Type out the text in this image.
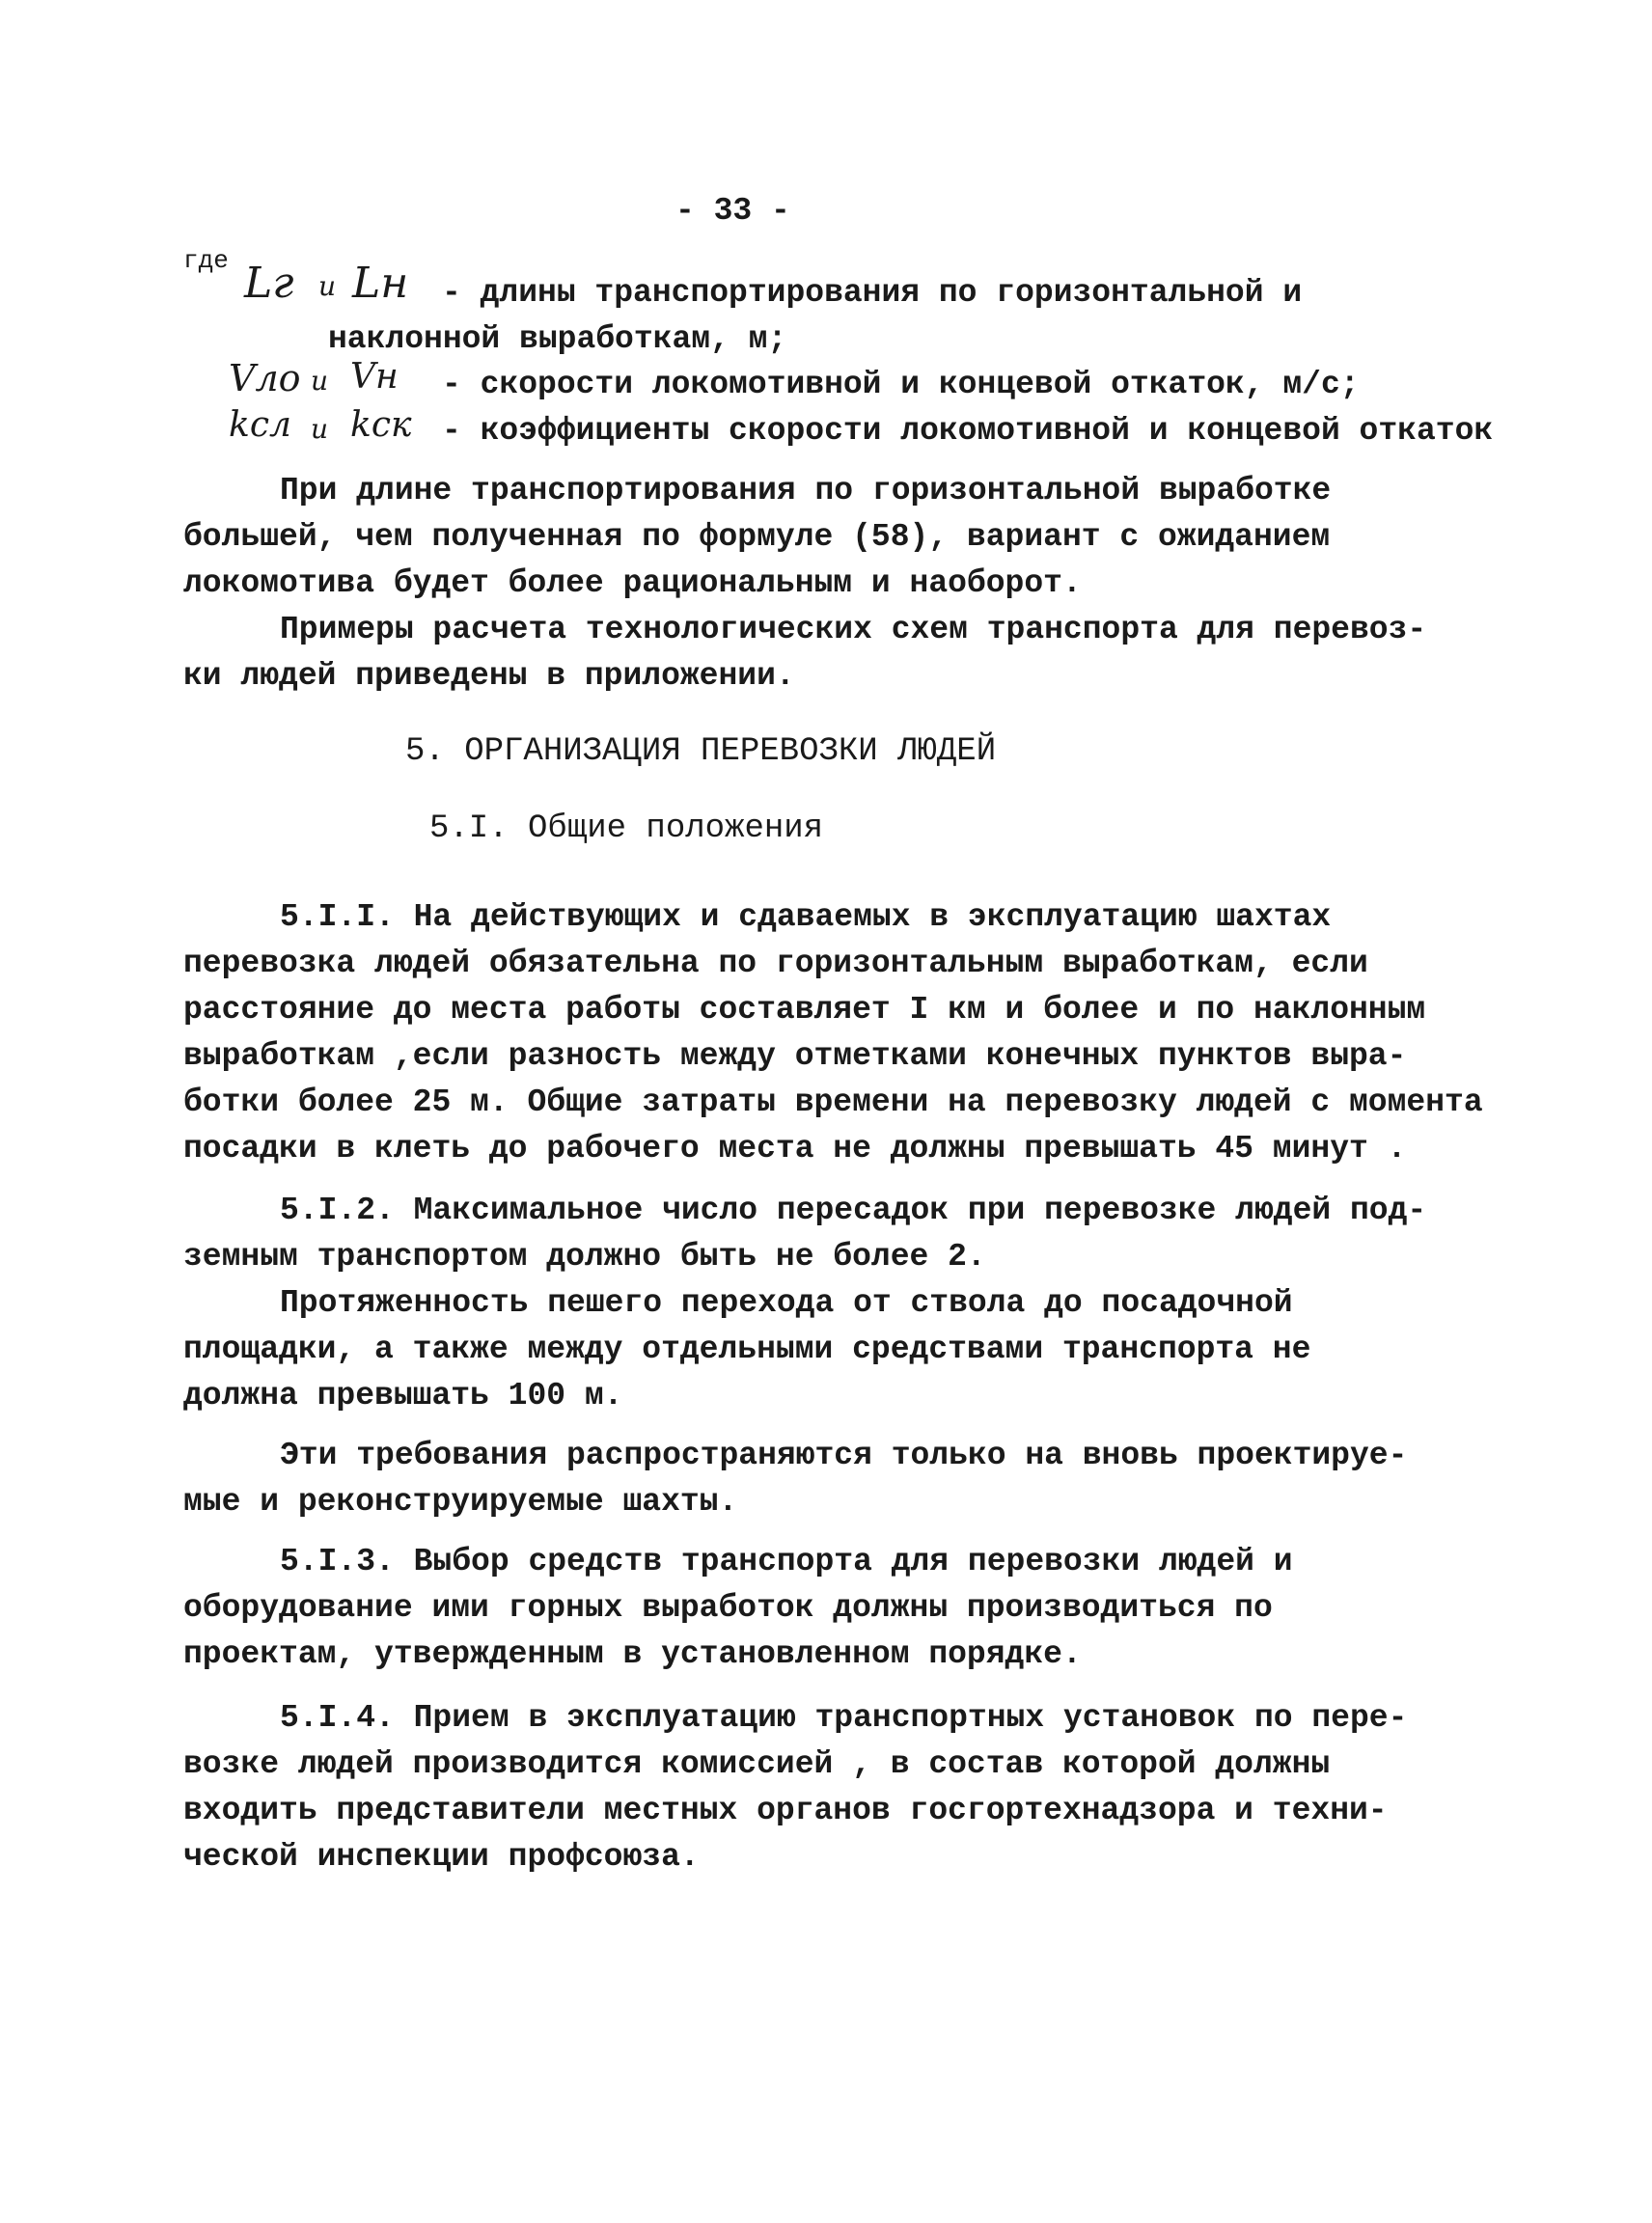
- 33 -
где Lг и Lн - длины транспортирования по горизонтальной и
наклонной выработкам, м;
Vло и Vн - скорости локомотивной и концевой откаток, м/с;
kсл и kск - коэффициенты скорости локомотивной и концевой откаток
При длине транспортирования по горизонтальной выработке
большей, чем полученная по формуле (58), вариант с ожиданием
локомотива будет более рациональным и наоборот.
Примеры расчета технологических схем транспорта для перевоз-
ки людей приведены в приложении.
5. ОРГАНИЗАЦИЯ ПЕРЕВОЗКИ ЛЮДЕЙ
5.I. Общие положения
5.I.I. На действующих и сдаваемых в эксплуатацию шахтах
перевозка людей обязательна по горизонтальным выработкам, если
расстояние до места работы составляет I км и более и по наклонным
выработкам ,если разность между отметками конечных пунктов выра-
ботки более 25 м. Общие затраты времени на перевозку людей с момента
посадки в клеть до рабочего места не должны превышать 45 минут .
5.I.2. Максимальное число пересадок при перевозке людей под-
земным транспортом должно быть не более 2.
Протяженность пешего перехода от ствола до посадочной
площадки, а также между отдельными средствами транспорта не
должна превышать 100 м.
Эти требования распространяются только на вновь проектируе-
мые и реконструируемые шахты.
5.I.3. Выбор средств транспорта для перевозки людей и
оборудование ими горных выработок должны производиться по
проектам, утвержденным в установленном порядке.
5.I.4. Прием в эксплуатацию транспортных установок по пере-
возке людей производится комиссией , в состав которой должны
входить представители местных органов госгортехнадзора и техни-
ческой инспекции профсоюза.
